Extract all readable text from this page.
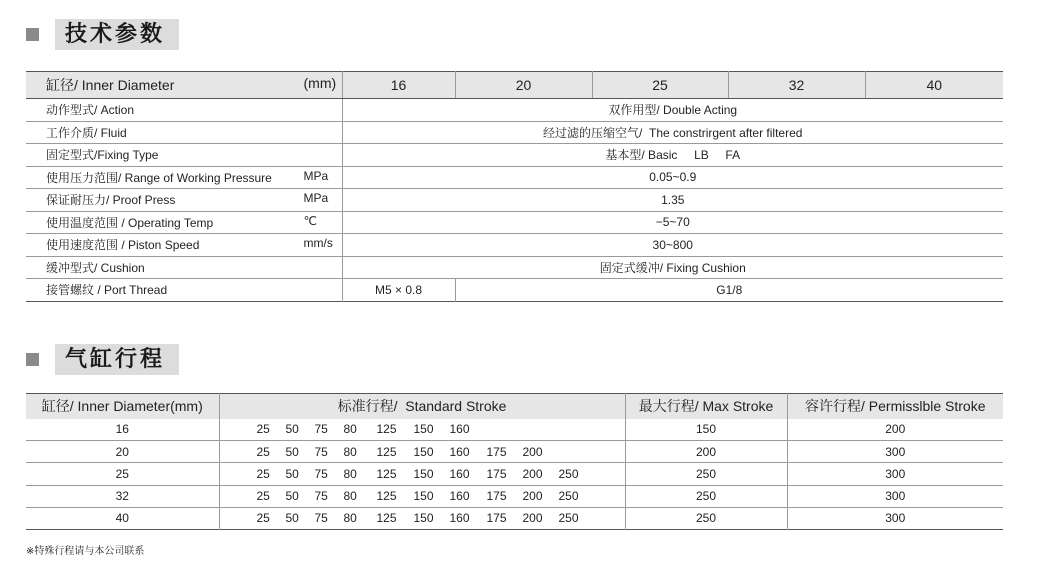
技术参数
缸径/ Inner Diameter (mm)	16	20	25	32	40

动作型式/ Action	双作用型/ Double Acting				

工作介质/ Fluid	经过滤的压缩空气/  The constrirgent after filtered				

固定型式/Fixing Type	基本型/ Basic     LB     FA				

使用压力范围/ Range of Working Pressure MPa	0.05~0.9				

保证耐压力/ Proof Press MPa	1.35				

使用温度范围 / Operating Temp ℃	−5~70				

使用速度范围 / Piston Speed mm/s	30~800				

缓冲型式/ Cushion	固定式缓冲/ Fixing Cushion				

接管螺纹 / Port Thread	M5 × 0.8	G1/8			
气缸行程
缸径/ Inner Diameter(mm)	标准行程/  Standard Stroke	最大行程/ Max Stroke	容许行程/ Permisslble Stroke
16	25 50 75 80 125 150 160	150	200
20	25 50 75 80 125 150 160 175 200	200	300
25	25 50 75 80 125 150 160 175 200 250	250	300
32	25 50 75 80 125 150 160 175 200 250	250	300
40	25 50 75 80 125 150 160 175 200 250	250	300
※特殊行程请与本公司联系
